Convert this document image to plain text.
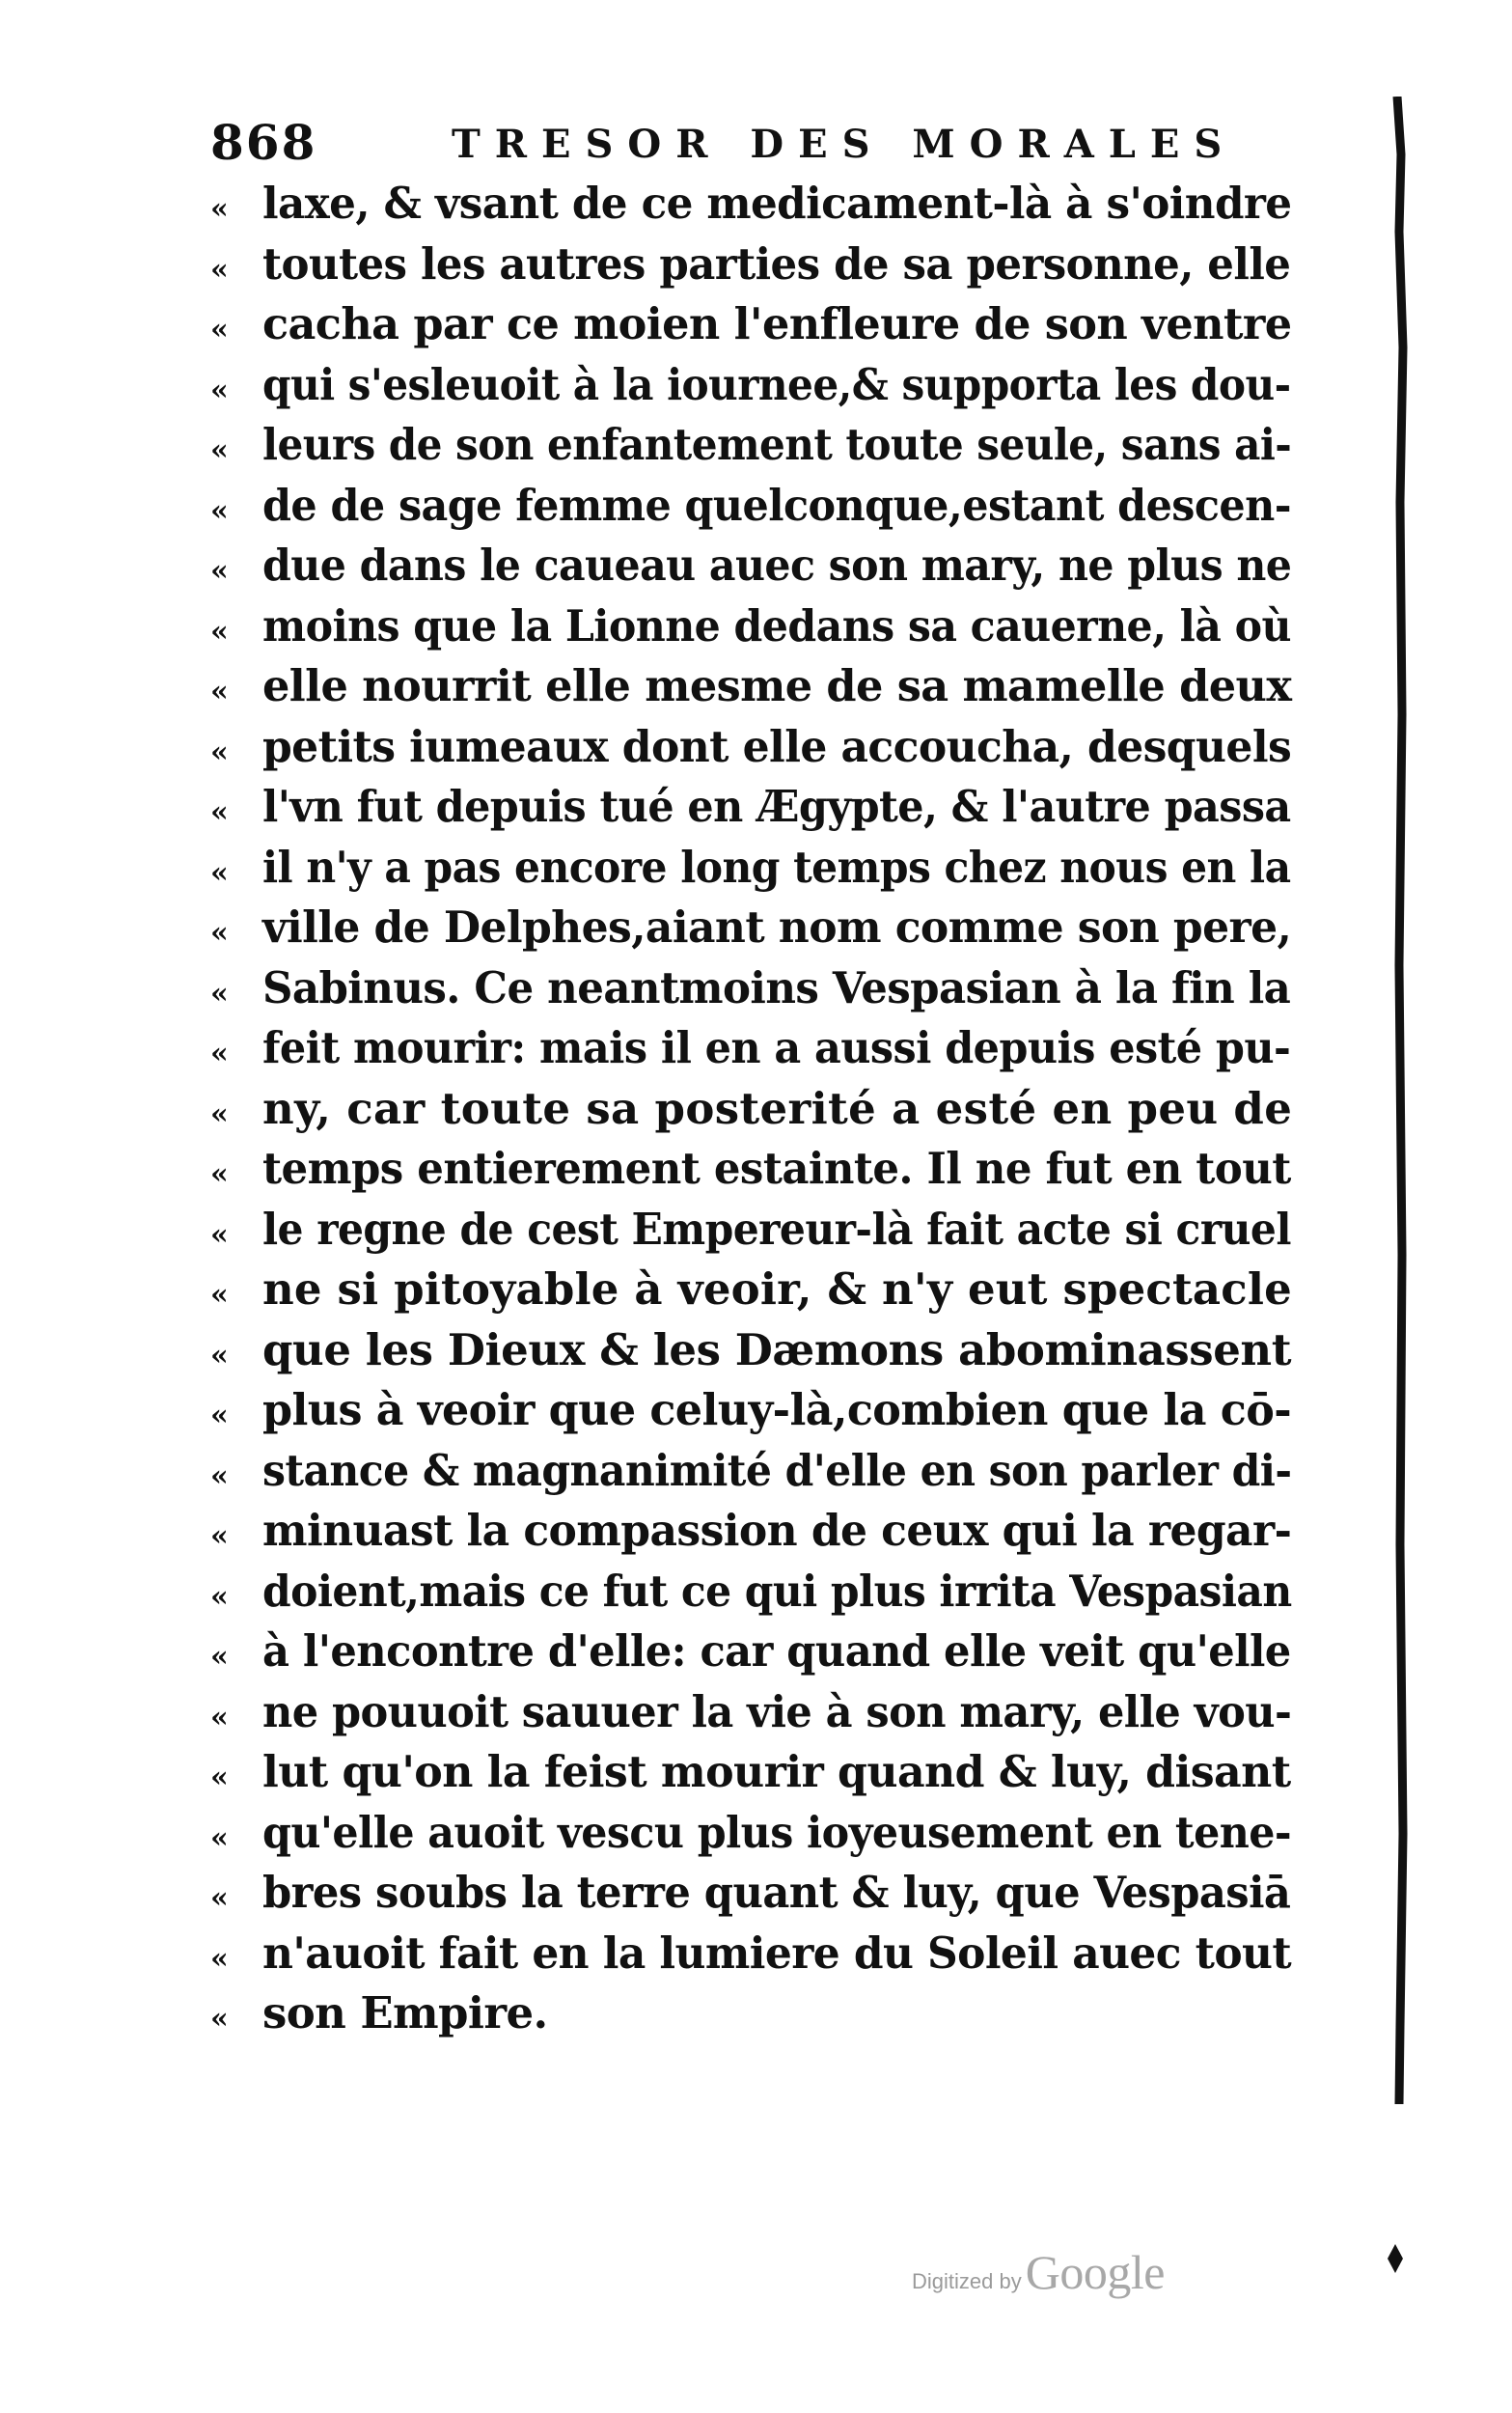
868	TRESOR DES MORALES
« laxe, & vsant de ce medicament-là à s'oindre
« toutes les autres parties de sa personne, elle
« cacha par ce moien l'enfleure de son ventre
« qui s'esleuoit à la iournee,& supporta les dou-
« leurs de son enfantement toute seule, sans ai-
« de de sage femme quelconque,estant descen-
« due dans le caueau auec son mary, ne plus ne
« moins que la Lionne dedans sa cauerne, là où
« elle nourrit elle mesme de sa mamelle deux
« petits iumeaux dont elle accoucha, desquels
« l'vn fut depuis tué en Ægypte, & l'autre passa
« il n'y a pas encore long temps chez nous en la
« ville de Delphes,aiant nom comme son pere,
« Sabinus. Ce neantmoins Vespasian à la fin la
« feit mourir: mais il en a aussi depuis esté pu-
« ny, car toute sa posterité a esté en peu de
« temps entierement estainte. Il ne fut en tout
« le regne de cest Empereur-là fait acte si cruel
« ne si pitoyable à veoir, & n'y eut spectacle
« que les Dieux & les Dæmons abominassent
« plus à veoir que celuy-là,combien que la cō-
« stance & magnanimité d'elle en son parler di-
« minuast la compassion de ceux qui la regar-
« doient,mais ce fut ce qui plus irrita Vespasian
« à l'encontre d'elle: car quand elle veit qu'elle
« ne pouuoit sauuer la vie à son mary, elle vou-
« lut qu'on la feist mourir quand & luy, disant
« qu'elle auoit vescu plus ioyeusement en tene-
« bres soubs la terre quant & luy, que Vespasiā
« n'auoit fait en la lumiere du Soleil auec tout
« son Empire.
Digitized by Google
